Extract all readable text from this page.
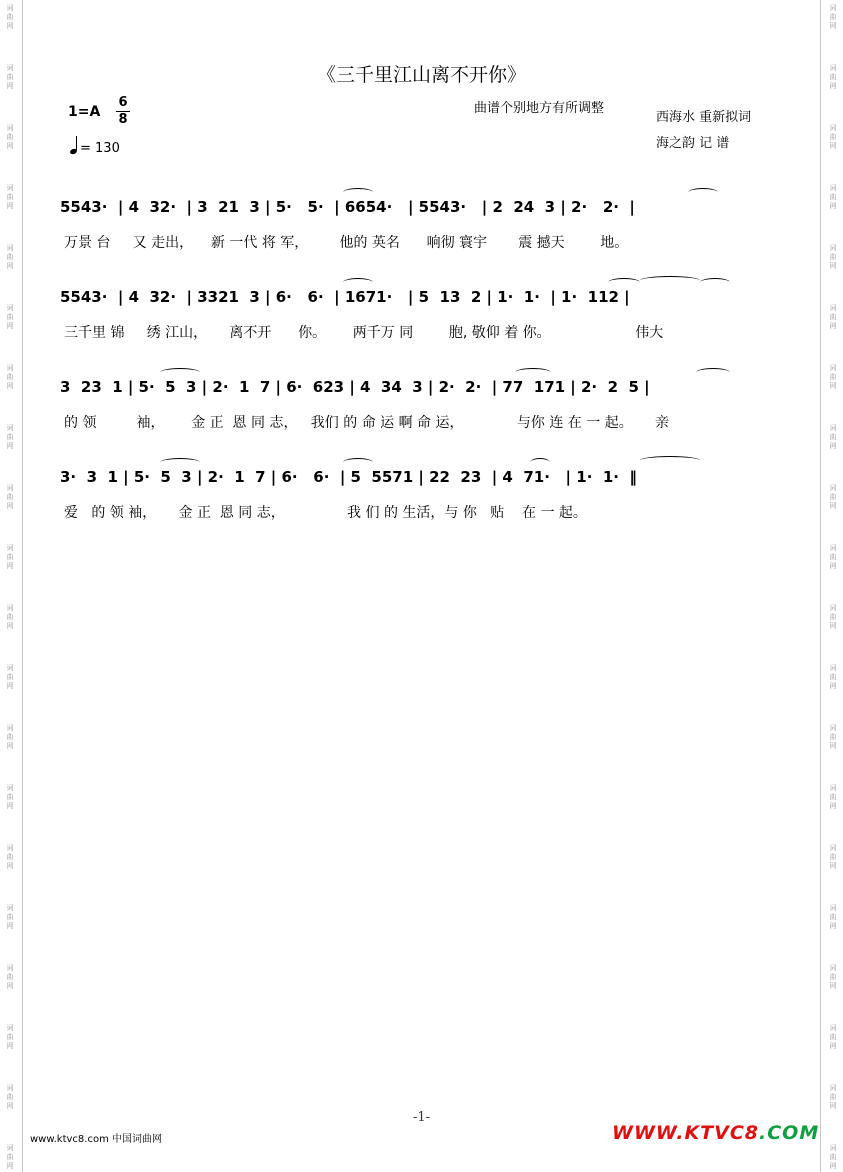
词
曲
网
词
曲
网
词
曲
网
词
曲
网
词
曲
网
词
曲
网
词
曲
网
词
曲
网
词
曲
网
词
曲
网
词
曲
网
词
曲
网
词
曲
网
词
曲
网
词
曲
网
词
曲
网
词
曲
网
词
曲
网
词
曲
网
词
曲
网
词
曲
网
词
曲
网
词
曲
网
词
曲
网
词
曲
网
词
曲
网
词
曲
网
词
曲
网
词
曲
网
词
曲
网
词
曲
网
词
曲
网
词
曲
网
词
曲
网
词
曲
网
词
曲
网
词
曲
网
词
曲
网
词
曲
网
词
曲
网
《三千里江山离不开你》
1=A
6
8
= 130
曲谱个别地方有所调整
西海水 重新拟词
海之韵 记 谱
5543·  | 4  32·  | 3  21  3 | 5·   5·  | 6654·   | 5543·   | 2  24  3 | 2·   2·  |
万景 台     又 走出，    新 一代 将 军，       他的 英名      响彻 寰宇       震 撼天        地。
5543·  | 4  32·  | 3321  3 | 6·   6·  | 1671·   | 5  13  2 | 1·  1·  | 1·  112 |
三千里 锦     绣 江山，     离不开      你。      两千万 同        胞, 敬仰 着 你。                   伟大
3  23  1 | 5·  5  3 | 2·  1  7 | 6·  623 | 4  34  3 | 2·  2·  | 77  171 | 2·  2  5 |
的 领         袖，      金 正  恩 同 志，   我们 的 命 运 啊 命 运，            与你 连 在 一 起。     亲
3·  3  1 | 5·  5  3 | 2·  1  7 | 6·   6·  | 5  5571 | 22  23  | 4  71·   | 1·  1·  ‖
爱   的 领 袖，     金 正  恩 同 志，              我 们 的 生活，与 你   贴    在 一 起。
-1-
www.ktvc8.com 中国词曲网	WWW.KTVC8.COM
